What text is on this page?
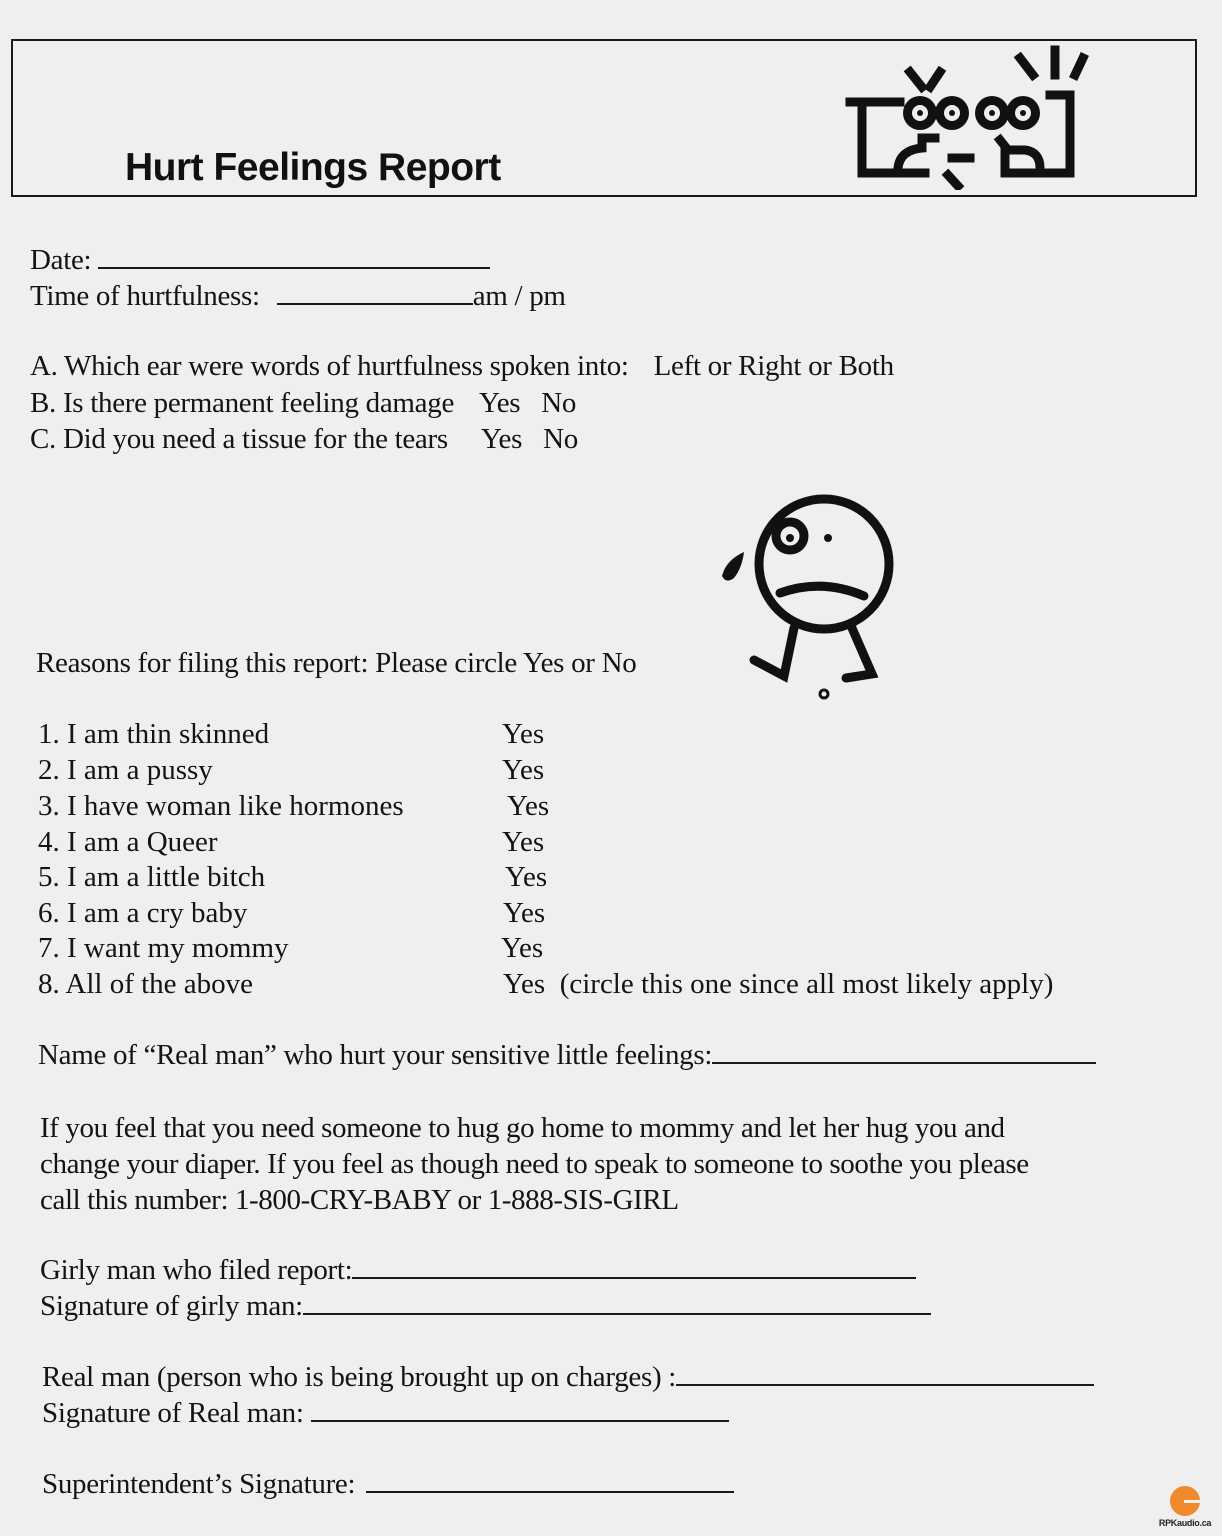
Hurt Feelings Report
Date:
Time of hurtfulness:	am / pm
A. Which ear were words of hurtfulness spoken into: Left or Right or Both
B. Is there permanent feeling damage Yes No
C. Did you need a tissue for the tears Yes No
Reasons for filing this report: Please circle Yes or No
1. I am thin skinned	Yes
2. I am a pussy	Yes
3. I have woman like hormones	Yes
4. I am a Queer	Yes
5. I am a little bitch	Yes
6. I am a cry baby	Yes
7. I want my mommy	Yes
8. All of the above	Yes  (circle this one since all most likely apply)
Name of “Real man” who hurt your sensitive little feelings:
If you feel that you need someone to hug go home to mommy and let her hug you and
change your diaper. If you feel as though need to speak to someone to soothe you please
call this number: 1-800-CRY-BABY or 1-888-SIS-GIRL
Girly man who filed report:
Signature of girly man:
Real man (person who is being brought up on charges) :
Signature of Real man:
Superintendent’s Signature:
RPKaudio.ca
